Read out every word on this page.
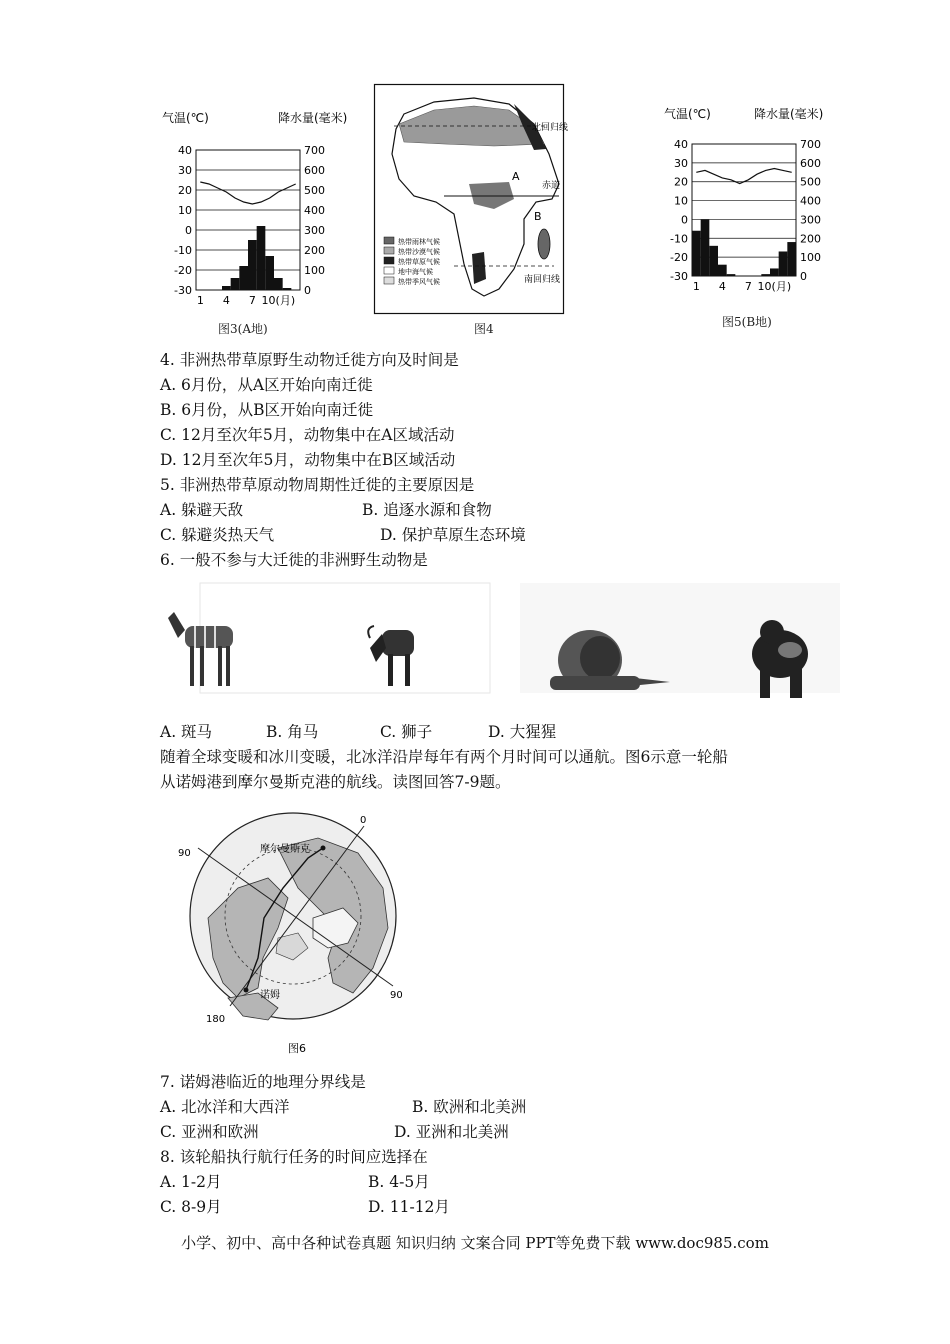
气温(℃)	降水量(毫米)
40
30
20
10
0
-10
-20
-30
700
600
500
400
300
200
100
0
1 4 7 10(月)
图3(A地)
北回归线
赤道
南回归线
A
B
热带雨林气候
热带沙漠气候
热带草原气候
地中海气候
热带季风气候
图4
气温(℃)	降水量(毫米)
40
30
20
10
0
-10
-20
-30
700
600
500
400
300
200
100
0
1 4 7 10(月)
图5(B地)
4. 非洲热带草原野生动物迁徙方向及时间是
A. 6月份，从A区开始向南迁徙
B. 6月份，从B区开始向南迁徙
C. 12月至次年5月，动物集中在A区域活动
D. 12月至次年5月，动物集中在B区域活动
5. 非洲热带草原动物周期性迁徙的主要原因是
A. 躲避天敌	B. 追逐水源和食物
C. 躲避炎热天气	D. 保护草原生态环境
6. 一般不参与大迁徙的非洲野生动物是
A. 斑马	B. 角马	C. 狮子	D. 大猩猩
随着全球变暖和冰川变暖，北冰洋沿岸每年有两个月时间可以通航。图6示意一轮船
从诺姆港到摩尔曼斯克港的航线。读图回答7-9题。
0
90
90
180
摩尔曼斯克
诺姆
图6
7. 诺姆港临近的地理分界线是
A. 北冰洋和大西洋	B. 欧洲和北美洲
C. 亚洲和欧洲	D. 亚洲和北美洲
8. 该轮船执行航行任务的时间应选择在
A. 1-2月	B. 4-5月
C. 8-9月	D. 11-12月
小学、初中、高中各种试卷真题 知识归纳 文案合同 PPT等免费下载 www.doc985.com
